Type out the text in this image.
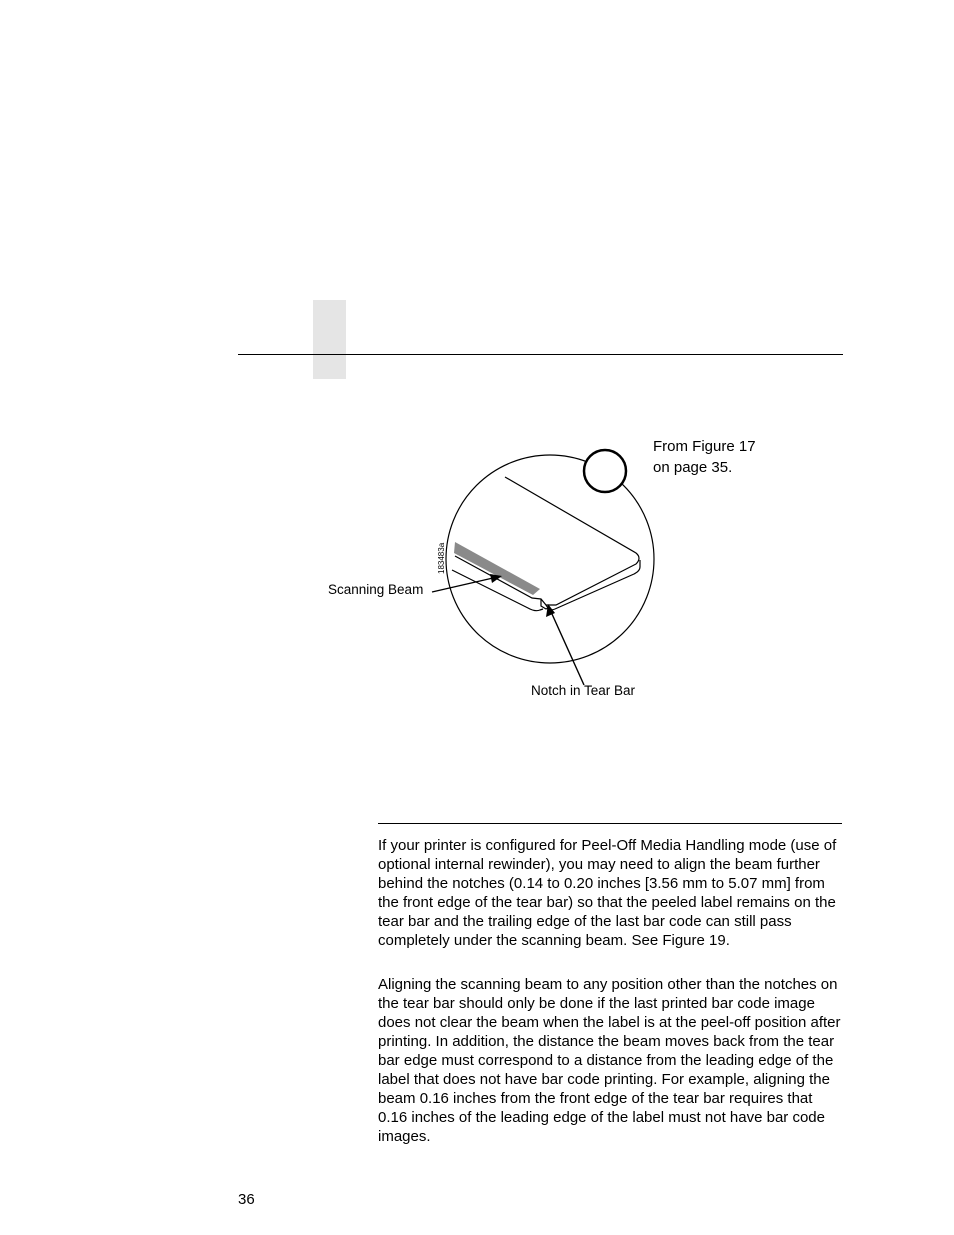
183483a
From Figure 17
on page 35.
Scanning Beam
Notch in Tear Bar

If your printer is configured for Peel-Off Media Handling mode (use of optional internal rewinder), you may need to align the beam further behind the notches (0.14 to 0.20 inches [3.56 mm to 5.07 mm] from the front edge of the tear bar) so that the peeled label remains on the tear bar and the trailing edge of the last bar code can still pass completely under the scanning beam. See Figure 19.

Aligning the scanning beam to any position other than the notches on the tear bar should only be done if the last printed bar code image does not clear the beam when the label is at the peel-off position after printing. In addition, the distance the beam moves back from the tear bar edge must correspond to a distance from the leading edge of the label that does not have bar code printing. For example, aligning the beam 0.16 inches from the front edge of the tear bar requires that 0.16 inches of the leading edge of the label must not have bar code images.

36
